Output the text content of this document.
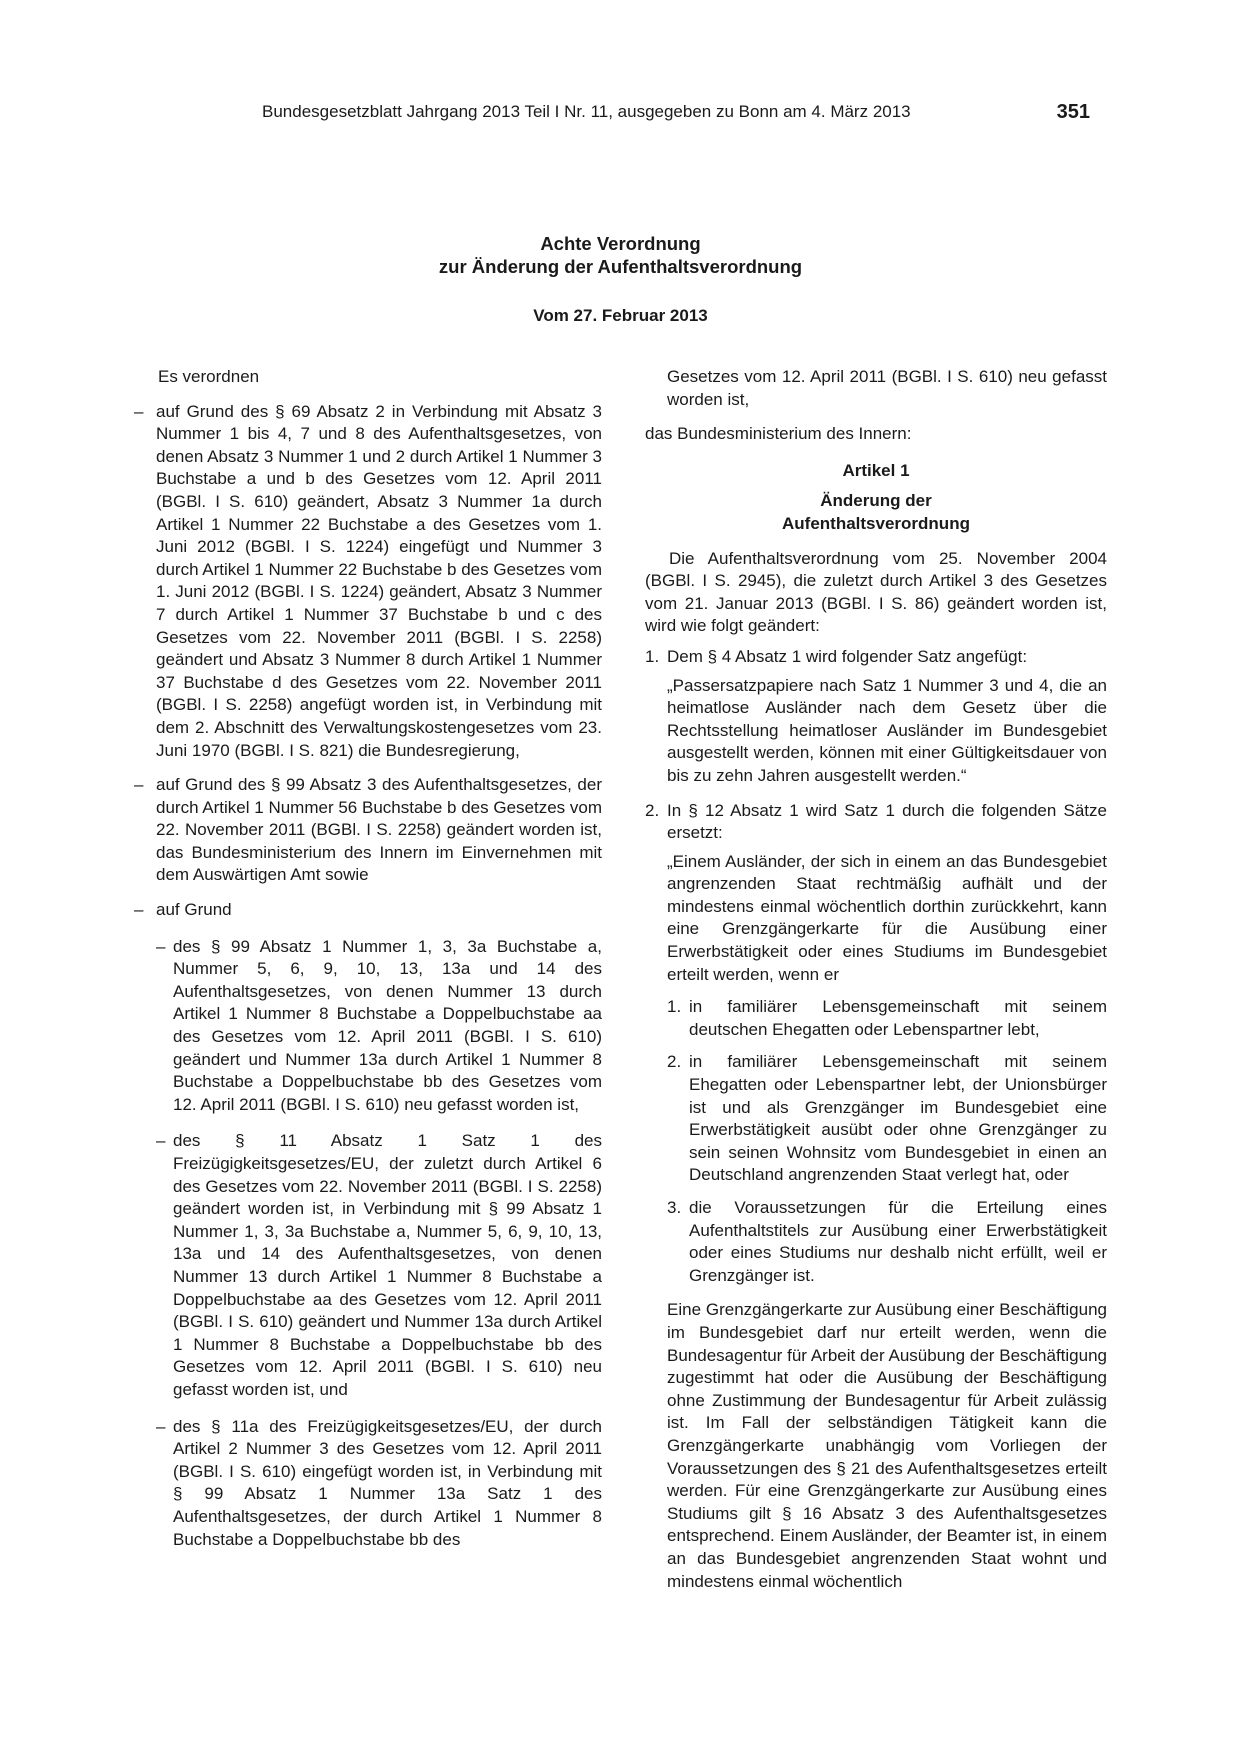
Bundesgesetzblatt Jahrgang 2013 Teil I Nr. 11, ausgegeben zu Bonn am 4. März 2013	351
Achte Verordnung
zur Änderung der Aufenthaltsverordnung
Vom 27. Februar 2013

Es verordnen

– auf Grund des § 69 Absatz 2 in Verbindung mit Absatz 3 Nummer 1 bis 4, 7 und 8 des Aufenthaltsgesetzes, von denen Absatz 3 Nummer 1 und 2 durch Artikel 1 Nummer 3 Buchstabe a und b des Gesetzes vom 12. April 2011 (BGBl. I S. 610) geändert, Absatz 3 Nummer 1a durch Artikel 1 Nummer 22 Buchstabe a des Gesetzes vom 1. Juni 2012 (BGBl. I S. 1224) eingefügt und Nummer 3 durch Artikel 1 Nummer 22 Buchstabe b des Gesetzes vom 1. Juni 2012 (BGBl. I S. 1224) geändert, Absatz 3 Nummer 7 durch Artikel 1 Nummer 37 Buchstabe b und c des Gesetzes vom 22. November 2011 (BGBl. I S. 2258) geändert und Absatz 3 Nummer 8 durch Artikel 1 Nummer 37 Buchstabe d des Gesetzes vom 22. November 2011 (BGBl. I S. 2258) angefügt worden ist, in Verbindung mit dem 2. Abschnitt des Verwaltungskostengesetzes vom 23. Juni 1970 (BGBl. I S. 821) die Bundesregierung,

– auf Grund des § 99 Absatz 3 des Aufenthaltsgesetzes, der durch Artikel 1 Nummer 56 Buchstabe b des Gesetzes vom 22. November 2011 (BGBl. I S. 2258) geändert worden ist, das Bundesministerium des Innern im Einvernehmen mit dem Auswärtigen Amt sowie

– auf Grund

– des § 99 Absatz 1 Nummer 1, 3, 3a Buchstabe a, Nummer 5, 6, 9, 10, 13, 13a und 14 des Aufenthaltsgesetzes, von denen Nummer 13 durch Artikel 1 Nummer 8 Buchstabe a Doppelbuchstabe aa des Gesetzes vom 12. April 2011 (BGBl. I S. 610) geändert und Nummer 13a durch Artikel 1 Nummer 8 Buchstabe a Doppelbuchstabe bb des Gesetzes vom 12. April 2011 (BGBl. I S. 610) neu gefasst worden ist,

– des § 11 Absatz 1 Satz 1 des Freizügigkeitsgesetzes/EU, der zuletzt durch Artikel 6 des Gesetzes vom 22. November 2011 (BGBl. I S. 2258) geändert worden ist, in Verbindung mit § 99 Absatz 1 Nummer 1, 3, 3a Buchstabe a, Nummer 5, 6, 9, 10, 13, 13a und 14 des Aufenthaltsgesetzes, von denen Nummer 13 durch Artikel 1 Nummer 8 Buchstabe a Doppelbuchstabe aa des Gesetzes vom 12. April 2011 (BGBl. I S. 610) geändert und Nummer 13a durch Artikel 1 Nummer 8 Buchstabe a Doppelbuchstabe bb des Gesetzes vom 12. April 2011 (BGBl. I S. 610) neu gefasst worden ist, und

– des § 11a des Freizügigkeitsgesetzes/EU, der durch Artikel 2 Nummer 3 des Gesetzes vom 12. April 2011 (BGBl. I S. 610) eingefügt worden ist, in Verbindung mit § 99 Absatz 1 Nummer 13a Satz 1 des Aufenthaltsgesetzes, der durch Artikel 1 Nummer 8 Buchstabe a Doppelbuchstabe bb des

Gesetzes vom 12. April 2011 (BGBl. I S. 610) neu gefasst worden ist,

das Bundesministerium des Innern:

Artikel 1

Änderung der

Aufenthaltsverordnung

Die Aufenthaltsverordnung vom 25. November 2004 (BGBl. I S. 2945), die zuletzt durch Artikel 3 des Gesetzes vom 21. Januar 2013 (BGBl. I S. 86) geändert worden ist, wird wie folgt geändert:

1. Dem § 4 Absatz 1 wird folgender Satz angefügt:

„Passersatzpapiere nach Satz 1 Nummer 3 und 4, die an heimatlose Ausländer nach dem Gesetz über die Rechtsstellung heimatloser Ausländer im Bundesgebiet ausgestellt werden, können mit einer Gültigkeitsdauer von bis zu zehn Jahren ausgestellt werden.“

2. In § 12 Absatz 1 wird Satz 1 durch die folgenden Sätze ersetzt:

„Einem Ausländer, der sich in einem an das Bundesgebiet angrenzenden Staat rechtmäßig aufhält und der mindestens einmal wöchentlich dorthin zurückkehrt, kann eine Grenzgängerkarte für die Ausübung einer Erwerbstätigkeit oder eines Studiums im Bundesgebiet erteilt werden, wenn er

1. in familiärer Lebensgemeinschaft mit seinem deutschen Ehegatten oder Lebenspartner lebt,

2. in familiärer Lebensgemeinschaft mit seinem Ehegatten oder Lebenspartner lebt, der Unionsbürger ist und als Grenzgänger im Bundesgebiet eine Erwerbstätigkeit ausübt oder ohne Grenzgänger zu sein seinen Wohnsitz vom Bundesgebiet in einen an Deutschland angrenzenden Staat verlegt hat, oder

3. die Voraussetzungen für die Erteilung eines Aufenthaltstitels zur Ausübung einer Erwerbstätigkeit oder eines Studiums nur deshalb nicht erfüllt, weil er Grenzgänger ist.

Eine Grenzgängerkarte zur Ausübung einer Beschäftigung im Bundesgebiet darf nur erteilt werden, wenn die Bundesagentur für Arbeit der Ausübung der Beschäftigung zugestimmt hat oder die Ausübung der Beschäftigung ohne Zustimmung der Bundesagentur für Arbeit zulässig ist. Im Fall der selbständigen Tätigkeit kann die Grenzgängerkarte unabhängig vom Vorliegen der Voraussetzungen des § 21 des Aufenthaltsgesetzes erteilt werden. Für eine Grenzgängerkarte zur Ausübung eines Studiums gilt § 16 Absatz 3 des Aufenthaltsgesetzes entsprechend. Einem Ausländer, der Beamter ist, in einem an das Bundesgebiet angrenzenden Staat wohnt und mindestens einmal wöchentlich
